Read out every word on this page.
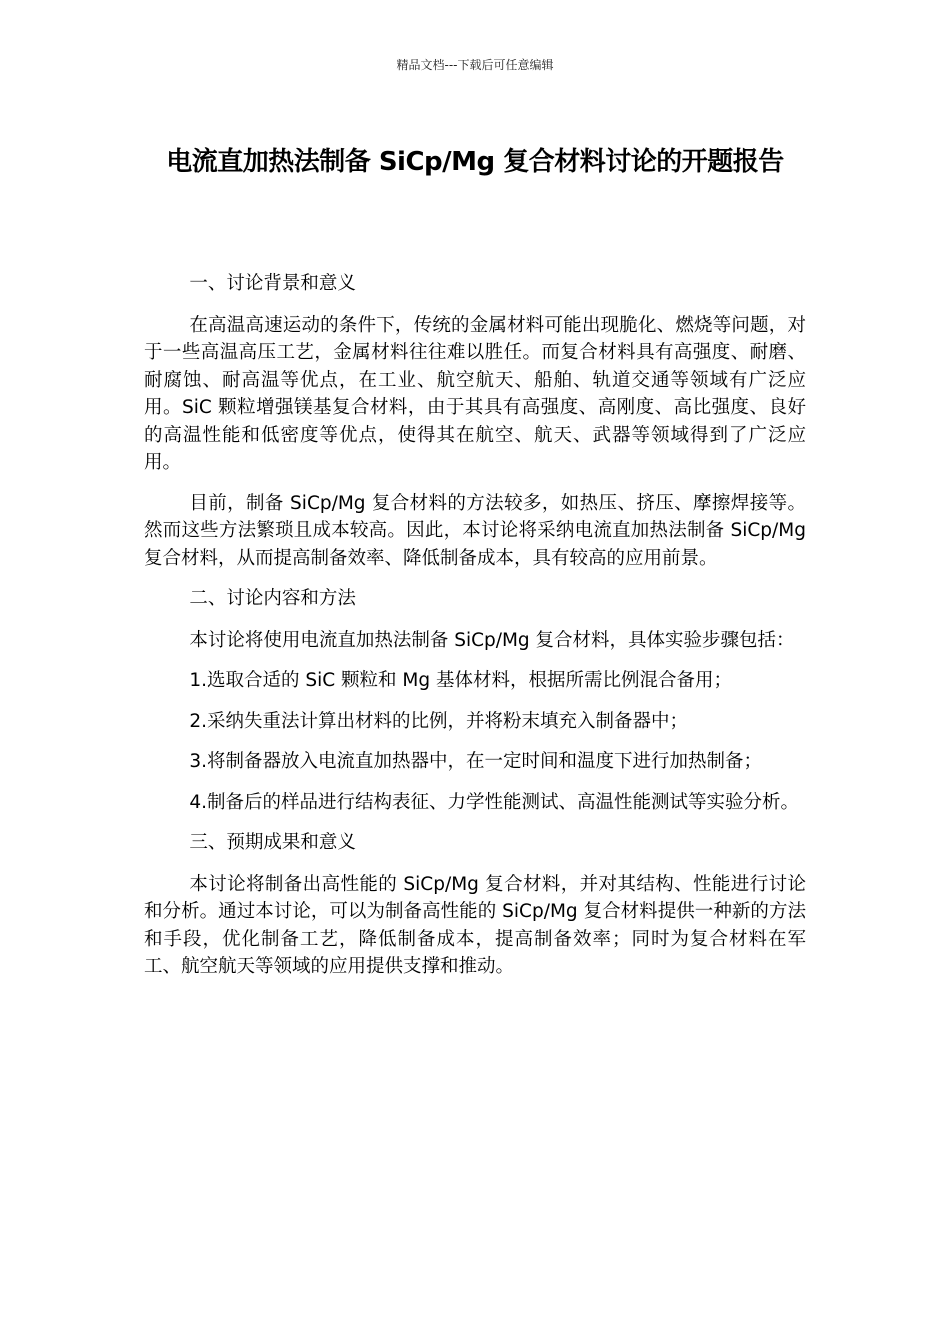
精品文档---下载后可任意编辑
电流直加热法制备 SiCp/Mg 复合材料讨论的开题报告

一、讨论背景和意义

在高温高速运动的条件下，传统的金属材料可能出现脆化、燃烧等问题，对于一些高温高压工艺，金属材料往往难以胜任。而复合材料具有高强度、耐磨、耐腐蚀、耐高温等优点，在工业、航空航天、船舶、轨道交通等领域有广泛应用。SiC 颗粒增强镁基复合材料，由于其具有高强度、高刚度、高比强度、良好的高温性能和低密度等优点，使得其在航空、航天、武器等领域得到了广泛应用。

目前，制备 SiCp/Mg 复合材料的方法较多，如热压、挤压、摩擦焊接等。然而这些方法繁琐且成本较高。因此，本讨论将采纳电流直加热法制备 SiCp/Mg 复合材料，从而提高制备效率、降低制备成本，具有较高的应用前景。

二、讨论内容和方法

本讨论将使用电流直加热法制备 SiCp/Mg 复合材料，具体实验步骤包括：

1.选取合适的 SiC 颗粒和 Mg 基体材料，根据所需比例混合备用；

2.采纳失重法计算出材料的比例，并将粉末填充入制备器中；

3.将制备器放入电流直加热器中，在一定时间和温度下进行加热制备；

4.制备后的样品进行结构表征、力学性能测试、高温性能测试等实验分析。

三、预期成果和意义

本讨论将制备出高性能的 SiCp/Mg 复合材料，并对其结构、性能进行讨论和分析。通过本讨论，可以为制备高性能的 SiCp/Mg 复合材料提供一种新的方法和手段，优化制备工艺，降低制备成本，提高制备效率；同时为复合材料在军工、航空航天等领域的应用提供支撑和推动。
